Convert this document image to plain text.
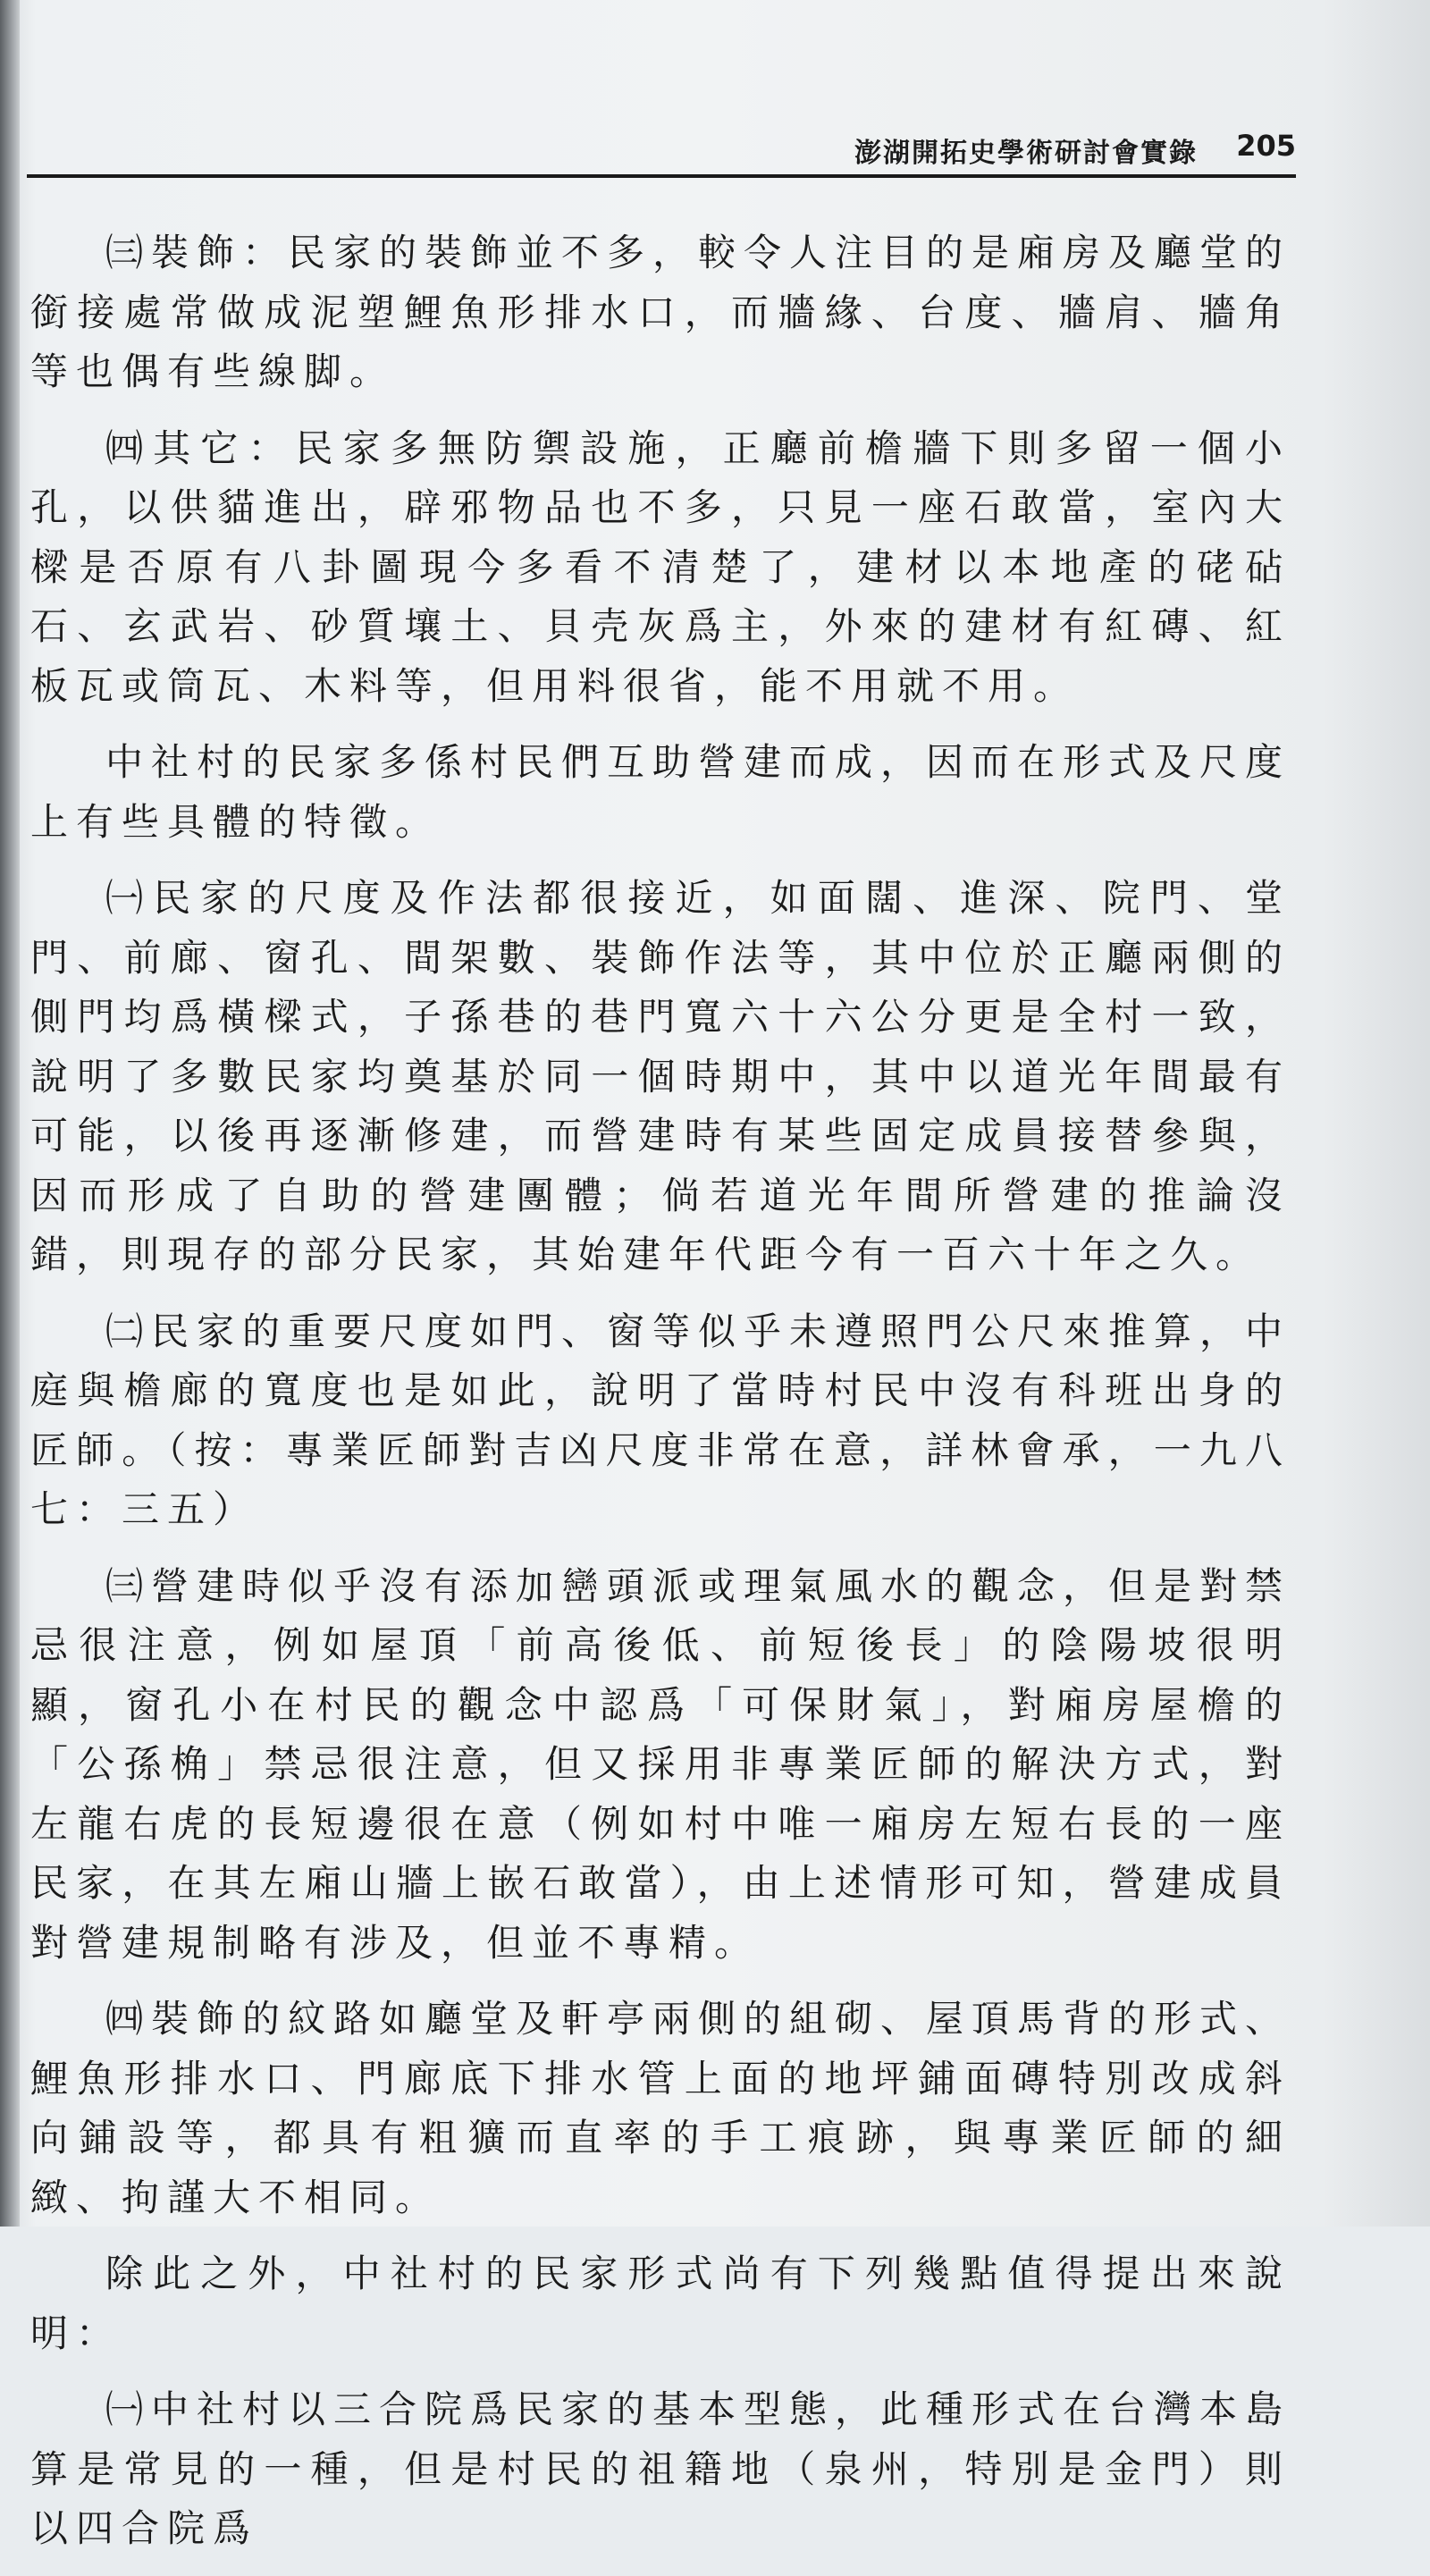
澎湖開拓史學術研討會實錄 205

㈢裝飾：民家的裝飾並不多，較令人注目的是廂房及廳堂的銜接處常做成泥塑鯉魚形排水口，而牆緣、台度、牆肩、牆角等也偶有些線脚。

㈣其它：民家多無防禦設施，正廳前檐牆下則多留一個小孔，以供貓進出，辟邪物品也不多，只見一座石敢當，室內大樑是否原有八卦圖現今多看不清楚了，建材以本地產的硓砧石、玄武岩、砂質壤土、貝壳灰爲主，外來的建材有紅磚、紅板瓦或筒瓦、木料等，但用料很省，能不用就不用。

中社村的民家多係村民們互助營建而成，因而在形式及尺度上有些具體的特徵。

㈠民家的尺度及作法都很接近，如面闊、進深、院門、堂門、前廊、窗孔、間架數、裝飾作法等，其中位於正廳兩側的側門均爲橫樑式，子孫巷的巷門寬六十六公分更是全村一致，說明了多數民家均奠基於同一個時期中，其中以道光年間最有可能，以後再逐漸修建，而營建時有某些固定成員接替參與，因而形成了自助的營建團體；倘若道光年間所營建的推論沒錯，則現存的部分民家，其始建年代距今有一百六十年之久。

㈡民家的重要尺度如門、窗等似乎未遵照門公尺來推算，中庭與檐廊的寬度也是如此，說明了當時村民中沒有科班出身的匠師。（按：專業匠師對吉凶尺度非常在意，詳林會承，一九八七：三五）

㈢營建時似乎沒有添加巒頭派或理氣風水的觀念，但是對禁忌很注意，例如屋頂「前高後低、前短後長」的陰陽坡很明顯，窗孔小在村民的觀念中認爲「可保財氣」，對廂房屋檐的「公孫桷」禁忌很注意，但又採用非專業匠師的解決方式，對左龍右虎的長短邊很在意（例如村中唯一廂房左短右長的一座民家，在其左廂山牆上嵌石敢當），由上述情形可知，營建成員對營建規制略有涉及，但並不專精。

㈣裝飾的紋路如廳堂及軒亭兩側的組砌、屋頂馬背的形式、鯉魚形排水口、門廊底下排水管上面的地坪鋪面磚特別改成斜向鋪設等，都具有粗獷而直率的手工痕跡，與專業匠師的細緻、拘謹大不相同。

除此之外，中社村的民家形式尚有下列幾點值得提出來說明：

㈠中社村以三合院爲民家的基本型態，此種形式在台灣本島算是常見的一種，但是村民的祖籍地（泉州，特別是金門）則以四合院爲
